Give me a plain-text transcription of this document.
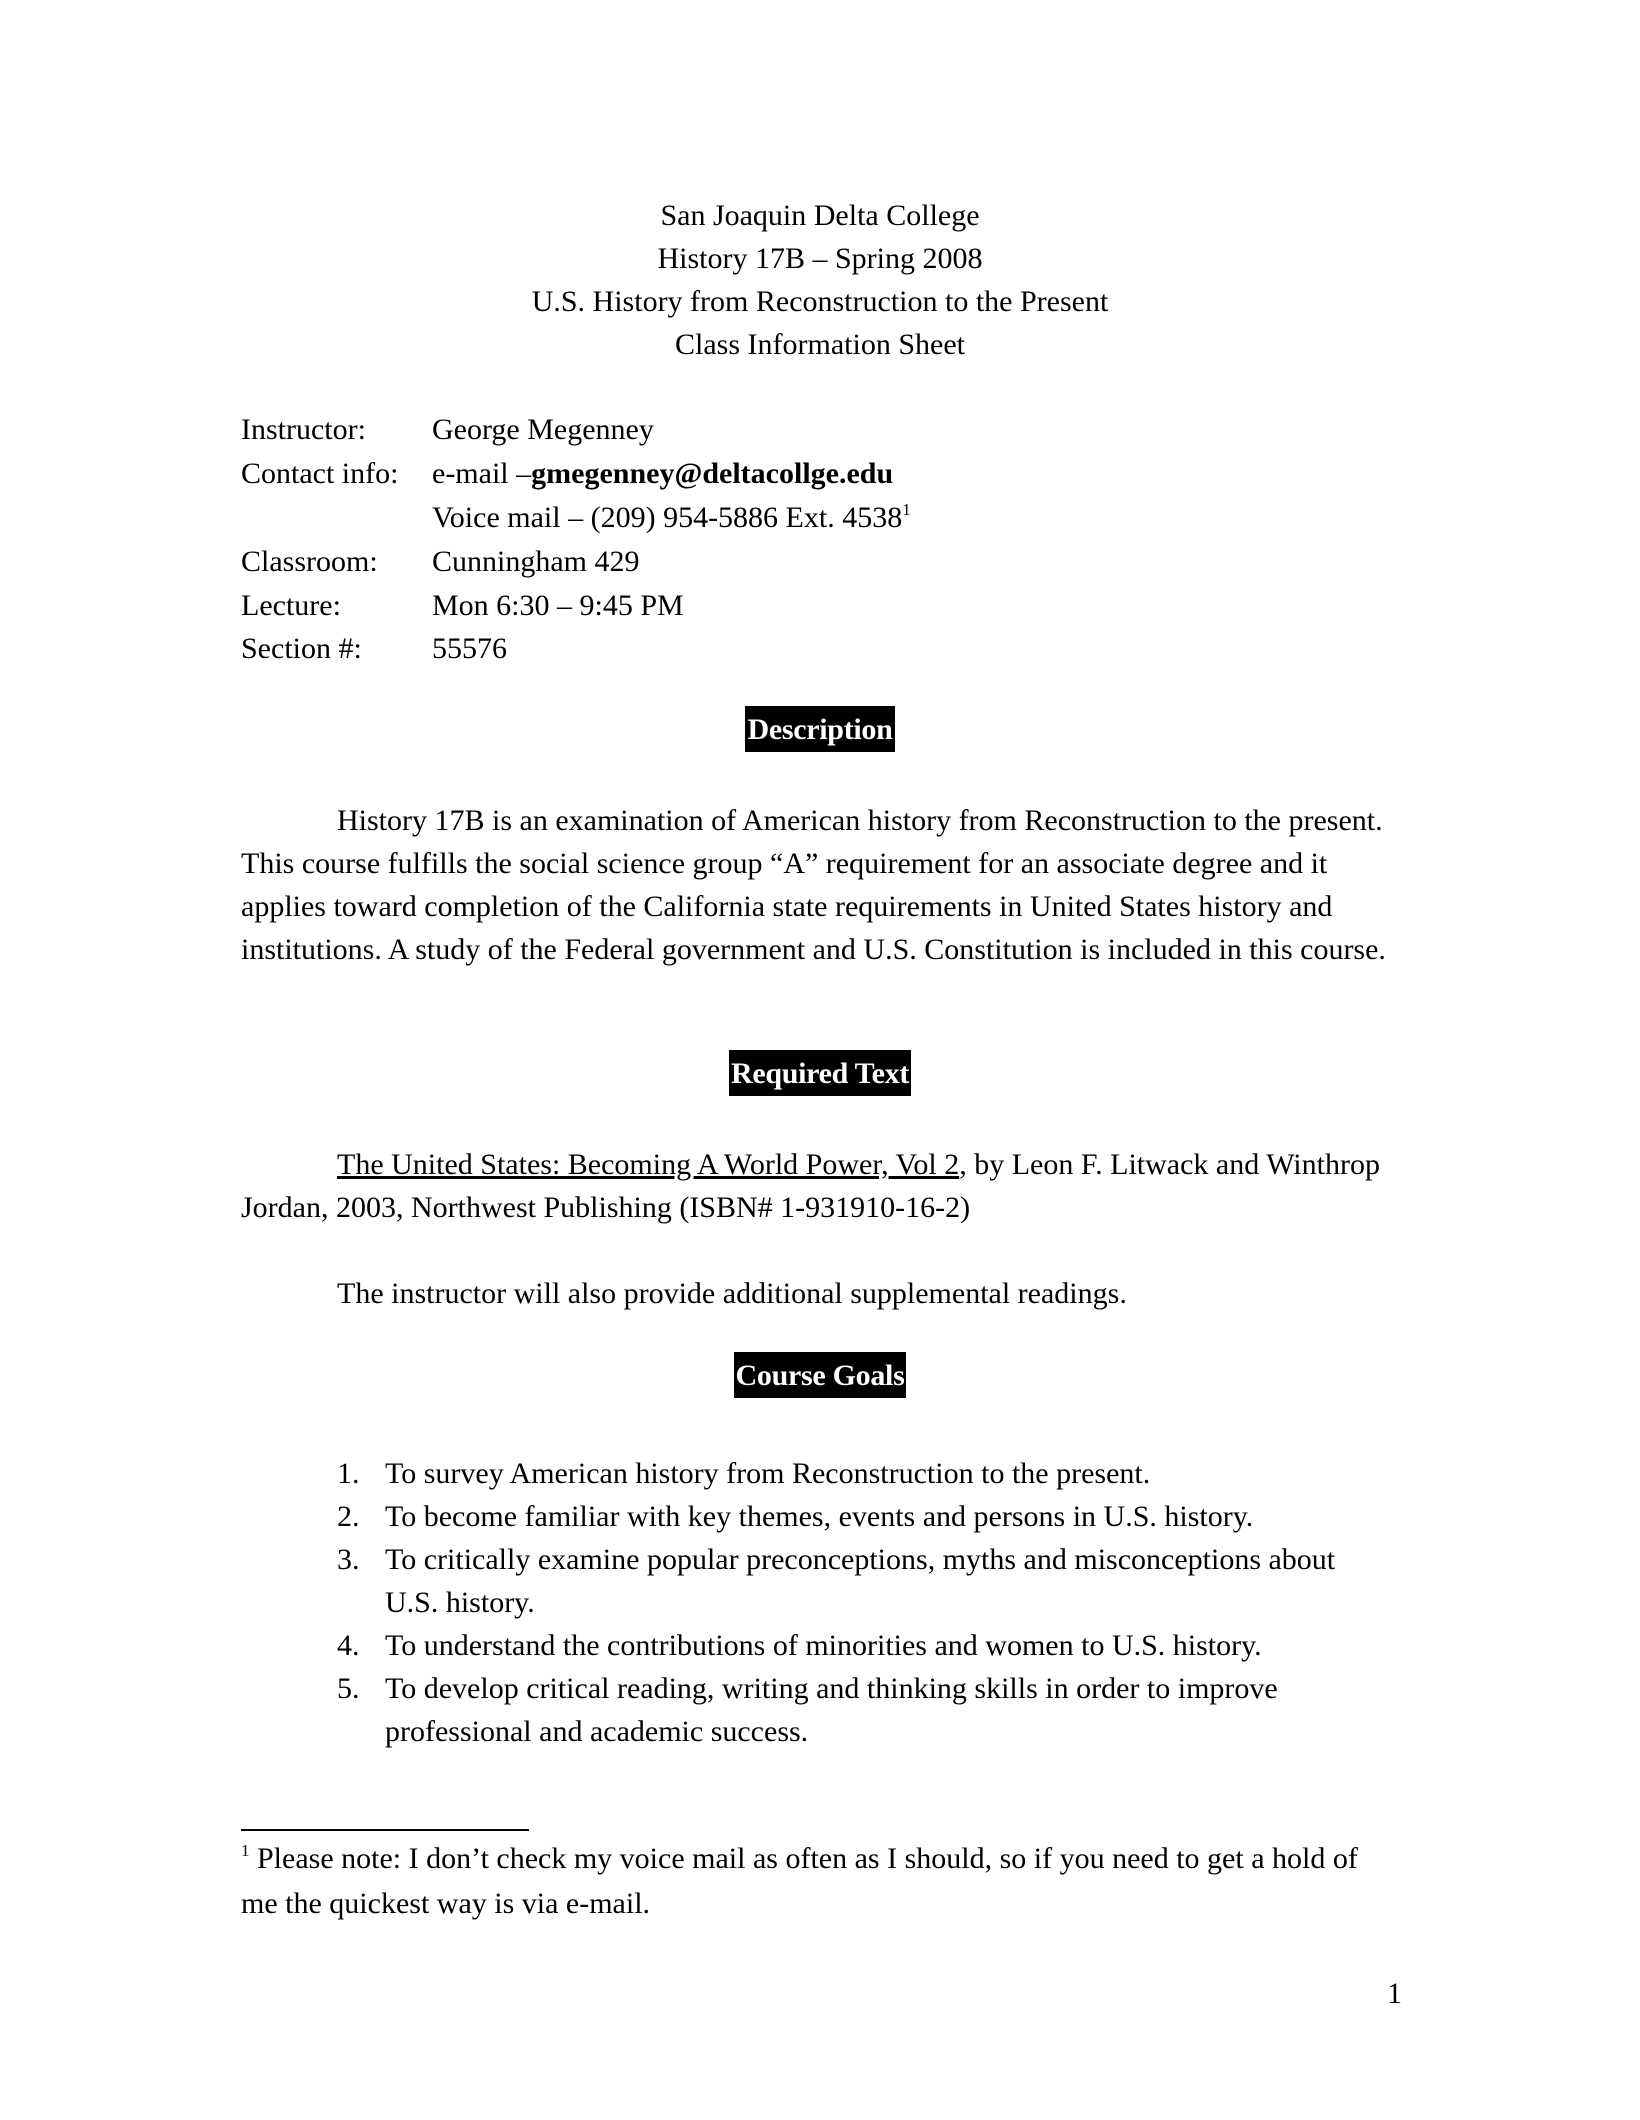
San Joaquin Delta College
History 17B – Spring 2008
U.S. History from Reconstruction to the Present
Class Information Sheet
Instructor: George Megenney
Contact info: e-mail –gmegenney@deltacollge.edu
Voice mail – (209) 954-5886 Ext. 4538$^1$
Classroom: Cunningham 429
Lecture:	Mon 6:30 – 9:45 PM
Section #: 55576
Description
History 17B is an examination of American history from Reconstruction to the present. This course fulfills the social science group “A” requirement for an associate degree and it applies toward completion of the California state requirements in United States history and institutions. A study of the Federal government and U.S. Constitution is included in this course.
Required Text
The United States: Becoming A World Power, Vol 2, by Leon F. Litwack and Winthrop Jordan, 2003, Northwest Publishing (ISBN# 1-931910-16-2)
The instructor will also provide additional supplemental readings.
Course Goals
1. To survey American history from Reconstruction to the present.
2. To become familiar with key themes, events and persons in U.S. history.
3. To critically examine popular preconceptions, myths and misconceptions about U.S. history.
4. To understand the contributions of minorities and women to U.S. history.
5. To develop critical reading, writing and thinking skills in order to improve professional and academic success.
$^1$ Please note: I don’t check my voice mail as often as I should, so if you need to get a hold of me the quickest way is via e-mail.
1
